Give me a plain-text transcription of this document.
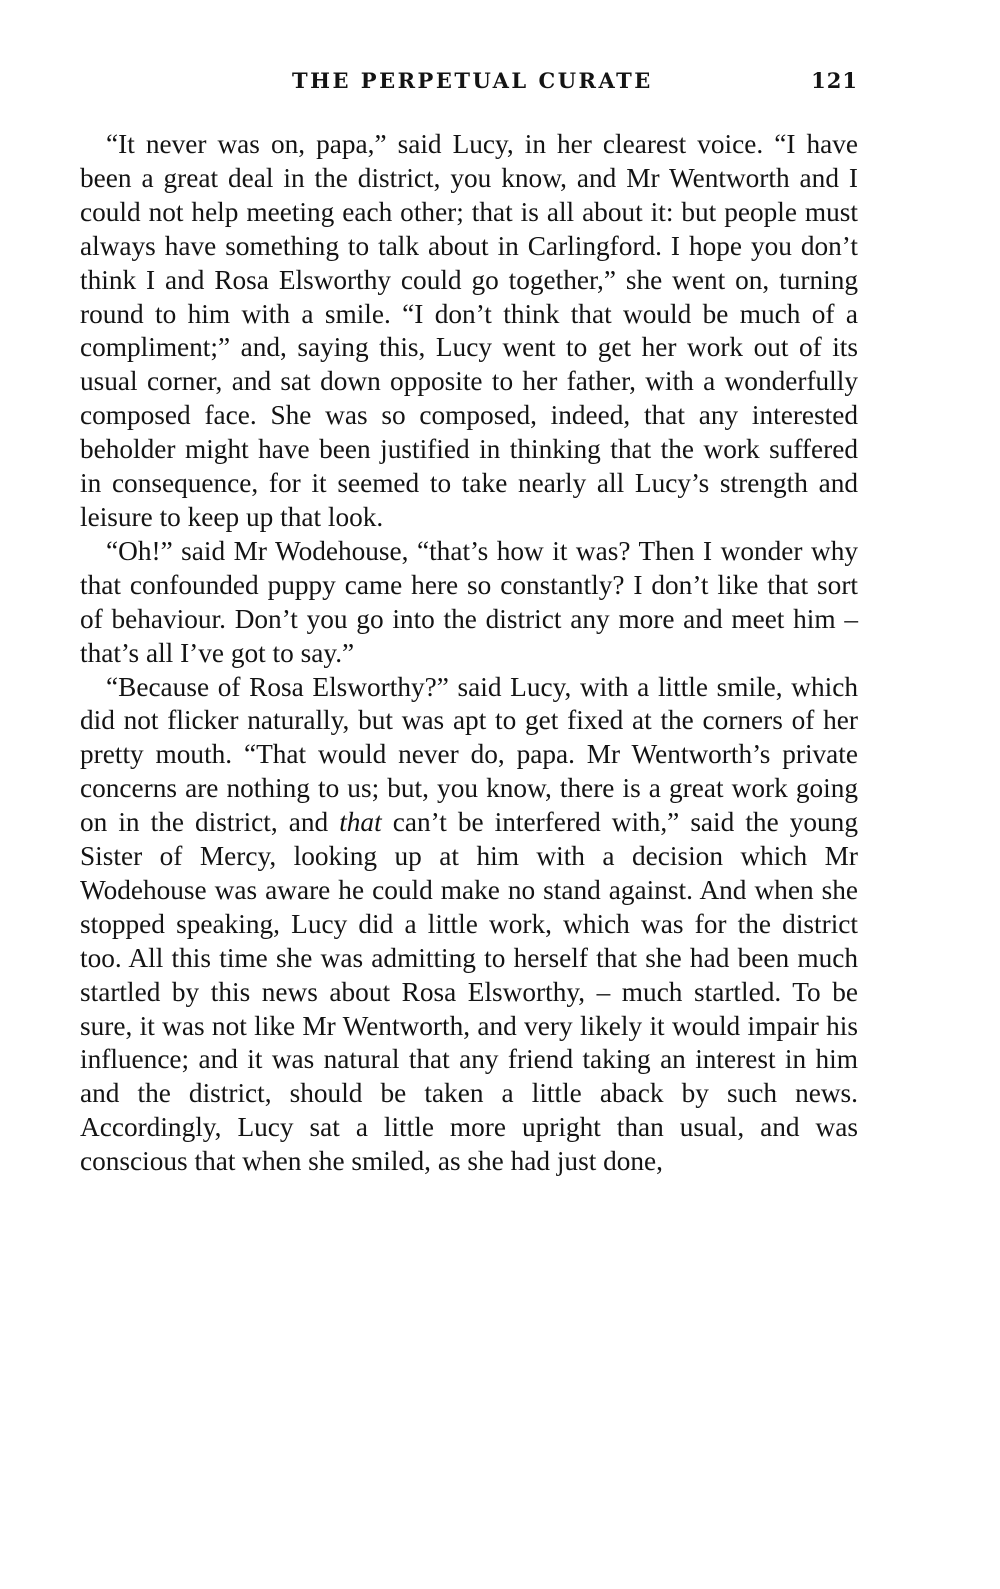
THE PERPETUAL CURATE	121

“It never was on, papa,” said Lucy, in her clearest voice. “I have been a great deal in the district, you know, and Mr Wentworth and I could not help meeting each other; that is all about it: but people must always have something to talk about in Carlingford. I hope you don’t think I and Rosa Elsworthy could go together,” she went on, turning round to him with a smile. “I don’t think that would be much of a compliment;” and, saying this, Lucy went to get her work out of its usual corner, and sat down opposite to her father, with a wonderfully composed face. She was so composed, indeed, that any interested beholder might have been justified in thinking that the work suffered in consequence, for it seemed to take nearly all Lucy’s strength and leisure to keep up that look.

“Oh!” said Mr Wodehouse, “that’s how it was? Then I wonder why that confounded puppy came here so constantly? I don’t like that sort of behaviour. Don’t you go into the district any more and meet him – that’s all I’ve got to say.”

“Because of Rosa Elsworthy?” said Lucy, with a little smile, which did not flicker naturally, but was apt to get fixed at the corners of her pretty mouth. “That would never do, papa. Mr Wentworth’s private concerns are nothing to us; but, you know, there is a great work going on in the district, and that can’t be interfered with,” said the young Sister of Mercy, looking up at him with a decision which Mr Wodehouse was aware he could make no stand against. And when she stopped speaking, Lucy did a little work, which was for the district too. All this time she was admitting to herself that she had been much startled by this news about Rosa Elsworthy, – much startled. To be sure, it was not like Mr Wentworth, and very likely it would impair his influence; and it was natural that any friend taking an interest in him and the district, should be taken a little aback by such news. Accordingly, Lucy sat a little more upright than usual, and was conscious that when she smiled, as she had just done,
